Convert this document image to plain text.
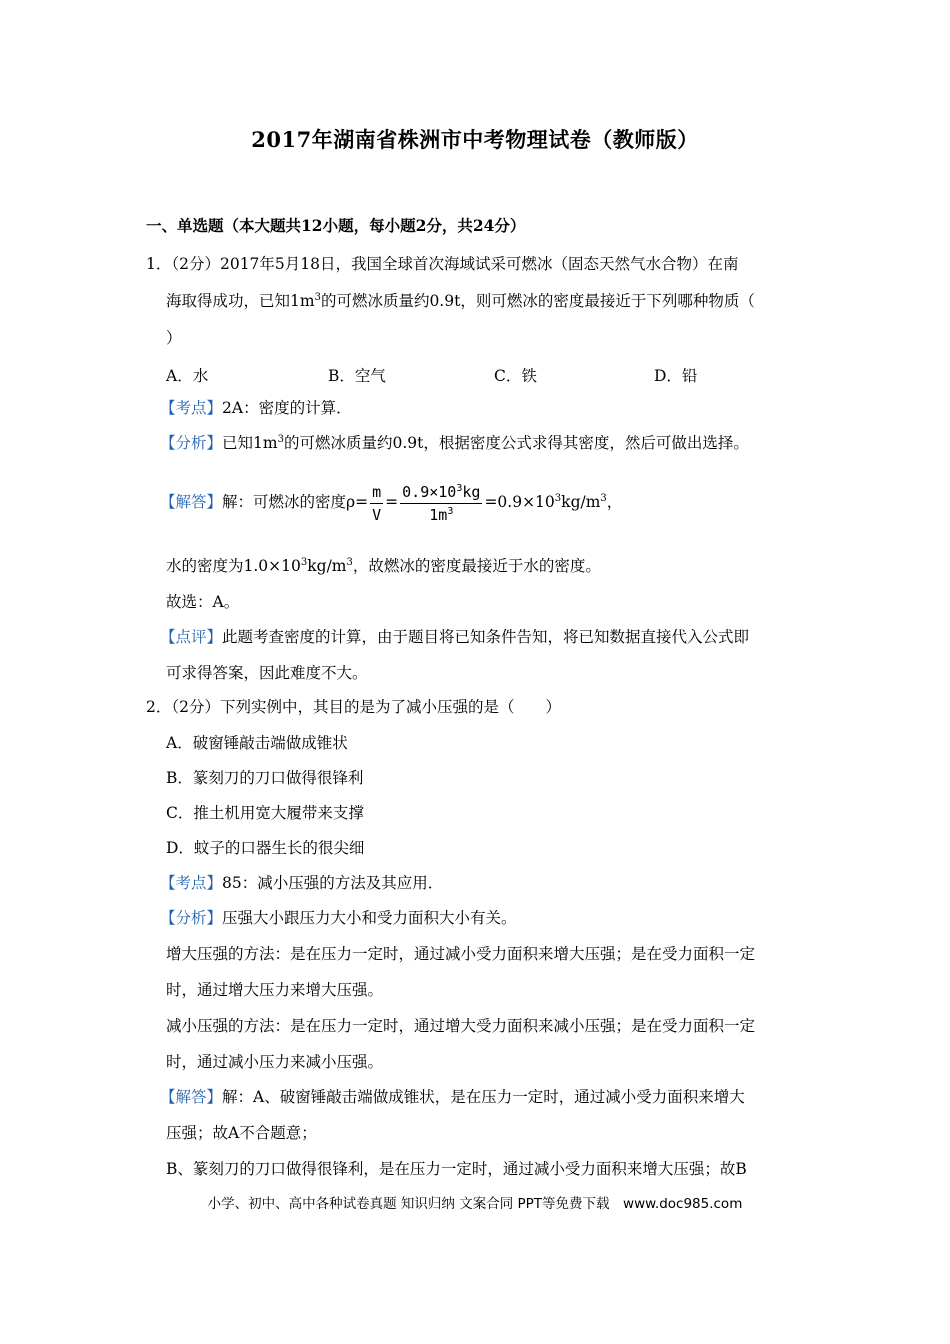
2017年湖南省株洲市中考物理试卷（教师版）
一、单选题（本大题共12小题，每小题2分，共24分）
1．（2分）2017年5月18日，我国全球首次海域试采可燃冰（固态天然气水合物）在南
海取得成功，已知$1m^3$的可燃冰质量约0.9t，则可燃冰的密度最接近于下列哪种物质（
）
A．水	B．空气	C．铁	D．铅
【考点】2A：密度的计算．
【分析】已知$1m^3$的可燃冰质量约0.9t，根据密度公式求得其密度，然后可做出选择。
【解答】解：可燃冰的密度$\rho= \frac{m}{V} = \frac{0.9\times 10^3kg}{1m^3} =0.9\times 10^3kg/m^3$，
水的密度为$1.0\times 10^3kg/m^3$，故燃冰的密度最接近于水的密度。
故选：A。
【点评】此题考查密度的计算，由于题目将已知条件告知，将已知数据直接代入公式即
可求得答案，因此难度不大。
2．（2分）下列实例中，其目的是为了减小压强的是（　　）
A．破窗锤敲击端做成锥状
B．篆刻刀的刀口做得很锋利
C．推土机用宽大履带来支撑
D．蚊子的口器生长的很尖细
【考点】85：减小压强的方法及其应用．
【分析】压强大小跟压力大小和受力面积大小有关。
增大压强的方法：是在压力一定时，通过减小受力面积来增大压强；是在受力面积一定
时，通过增大压力来增大压强。
减小压强的方法：是在压力一定时，通过增大受力面积来减小压强；是在受力面积一定
时，通过减小压力来减小压强。
【解答】解：A、破窗锤敲击端做成锥状，是在压力一定时，通过减小受力面积来增大
压强；故A不合题意；
B、篆刻刀的刀口做得很锋利，是在压力一定时，通过减小受力面积来增大压强；故B
小学、初中、高中各种试卷真题 知识归纳 文案合同 PPT等免费下载　www.doc985.com
